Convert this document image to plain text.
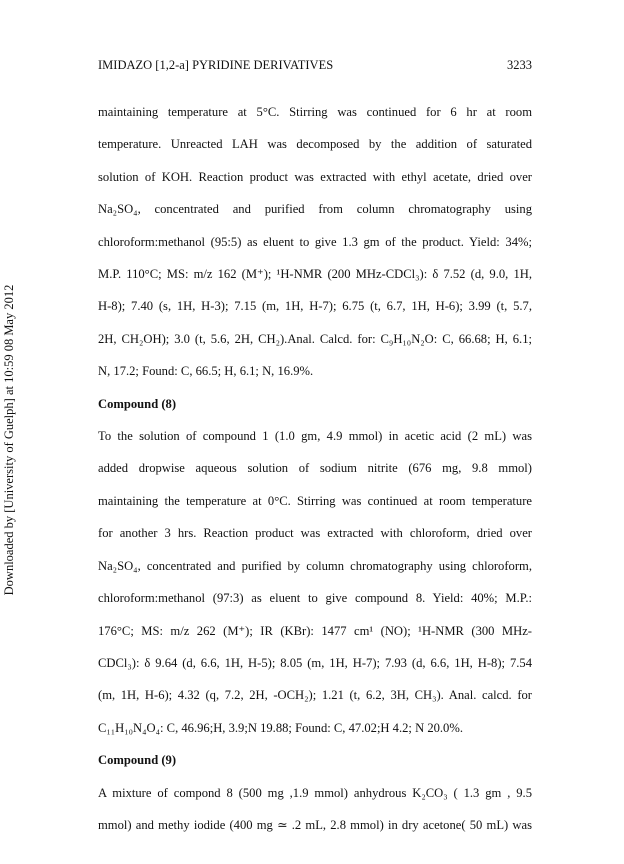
Downloaded by [University of Guelph] at 10:59 08 May 2012
IMIDAZO [1,2-a] PYRIDINE DERIVATIVES	3233

maintaining temperature at 5°C. Stirring was continued for 6 hr at room
temperature. Unreacted LAH was decomposed by the addition of saturated
solution of KOH. Reaction product was extracted with ethyl acetate, dried over
Na₂SO₄, concentrated and purified from column chromatography using
chloroform:methanol (95:5) as eluent to give 1.3 gm of the product. Yield: 34%;
M.P. 110°C; MS: m/z 162 (M⁺); ¹H-NMR (200 MHz-CDCl₃): δ 7.52 (d, 9.0, 1H,
H-8); 7.40 (s, 1H, H-3); 7.15 (m, 1H, H-7); 6.75 (t, 6.7, 1H, H-6); 3.99 (t, 5.7,
2H, CH₂OH); 3.0 (t, 5.6, 2H, CH₂).Anal. Calcd. for: C₉H₁₀N₂O: C, 66.68; H, 6.1;
N, 17.2; Found: C, 66.5; H, 6.1; N, 16.9%.

Compound (8)

To the solution of compound 1 (1.0 gm, 4.9 mmol) in acetic acid (2 mL) was
added dropwise aqueous solution of sodium nitrite (676 mg, 9.8 mmol)
maintaining the temperature at 0°C. Stirring was continued at room temperature
for another 3 hrs. Reaction product was extracted with chloroform, dried over
Na₂SO₄, concentrated and purified by column chromatography using chloroform,
chloroform:methanol (97:3) as eluent to give compound 8. Yield: 40%; M.P.:
176°C; MS: m/z 262 (M⁺); IR (KBr): 1477 cm¹ (NO); ¹H-NMR (300 MHz-
CDCl₃): δ 9.64 (d, 6.6, 1H, H-5); 8.05 (m, 1H, H-7); 7.93 (d, 6.6, 1H, H-8); 7.54
(m, 1H, H-6); 4.32 (q, 7.2, 2H, -OCH₂); 1.21 (t, 6.2, 3H, CH₃). Anal. calcd. for
C₁₁H₁₀N₄O₄: C, 46.96;H, 3.9;N 19.88; Found: C, 47.02;H 4.2; N 20.0%.

Compound (9)

A mixture of compond 8 (500 mg ,1.9 mmol) anhydrous K₂CO₃ ( 1.3 gm , 9.5
mmol) and methy iodide (400 mg ≃ .2 mL, 2.8 mmol) in dry acetone( 50 mL) was
